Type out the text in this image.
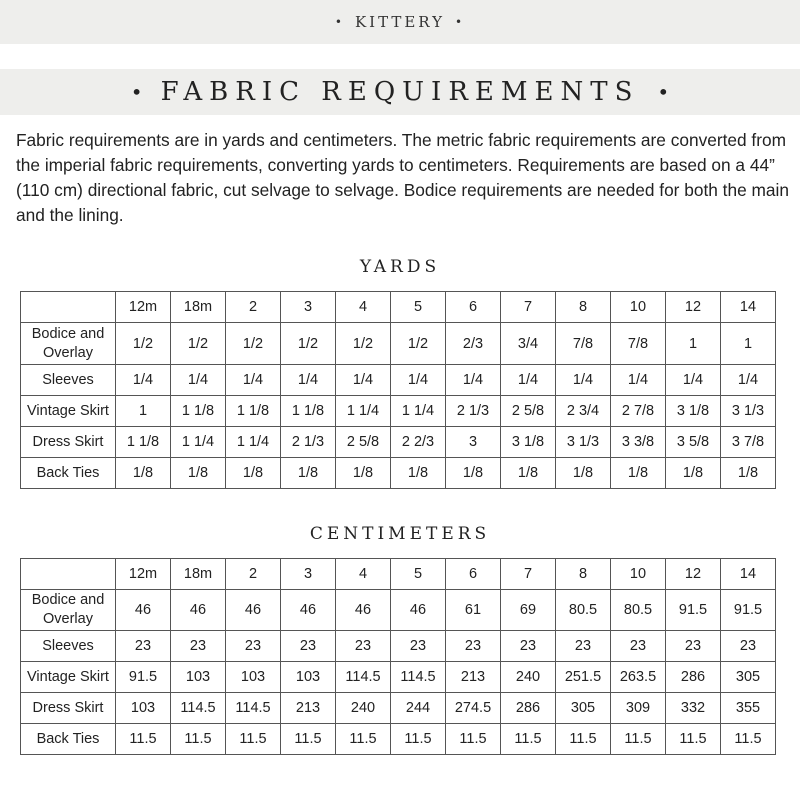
• KITTERY •
• FABRIC REQUIREMENTS •

Fabric requirements are in yards and centimeters. The metric fabric requirements are converted from the imperial fabric requirements, converting yards to centimeters. Requirements are based on a 44” (110 cm) directional fabric, cut selvage to selvage. Bodice requirements are needed for both the main and the lining.

YARDS
	12m	18m	2	3	4	5	6	7	8	10	12	14
Bodice and Overlay	1/2	1/2	1/2	1/2	1/2	1/2	2/3	3/4	7/8	7/8	1	1
Sleeves	1/4	1/4	1/4	1/4	1/4	1/4	1/4	1/4	1/4	1/4	1/4	1/4
Vintage Skirt	1	1 1/8	1 1/8	1 1/8	1 1/4	1 1/4	2 1/3	2 5/8	2 3/4	2 7/8	3 1/8	3 1/3
Dress Skirt	1 1/8	1 1/4	1 1/4	2 1/3	2 5/8	2 2/3	3	3 1/8	3 1/3	3 3/8	3 5/8	3 7/8
Back Ties	1/8	1/8	1/8	1/8	1/8	1/8	1/8	1/8	1/8	1/8	1/8	1/8
CENTIMETERS
	12m	18m	2	3	4	5	6	7	8	10	12	14
Bodice and Overlay	46	46	46	46	46	46	61	69	80.5	80.5	91.5	91.5
Sleeves	23	23	23	23	23	23	23	23	23	23	23	23
Vintage Skirt	91.5	103	103	103	114.5	114.5	213	240	251.5	263.5	286	305
Dress Skirt	103	114.5	114.5	213	240	244	274.5	286	305	309	332	355
Back Ties	11.5	11.5	11.5	11.5	11.5	11.5	11.5	11.5	11.5	11.5	11.5	11.5
